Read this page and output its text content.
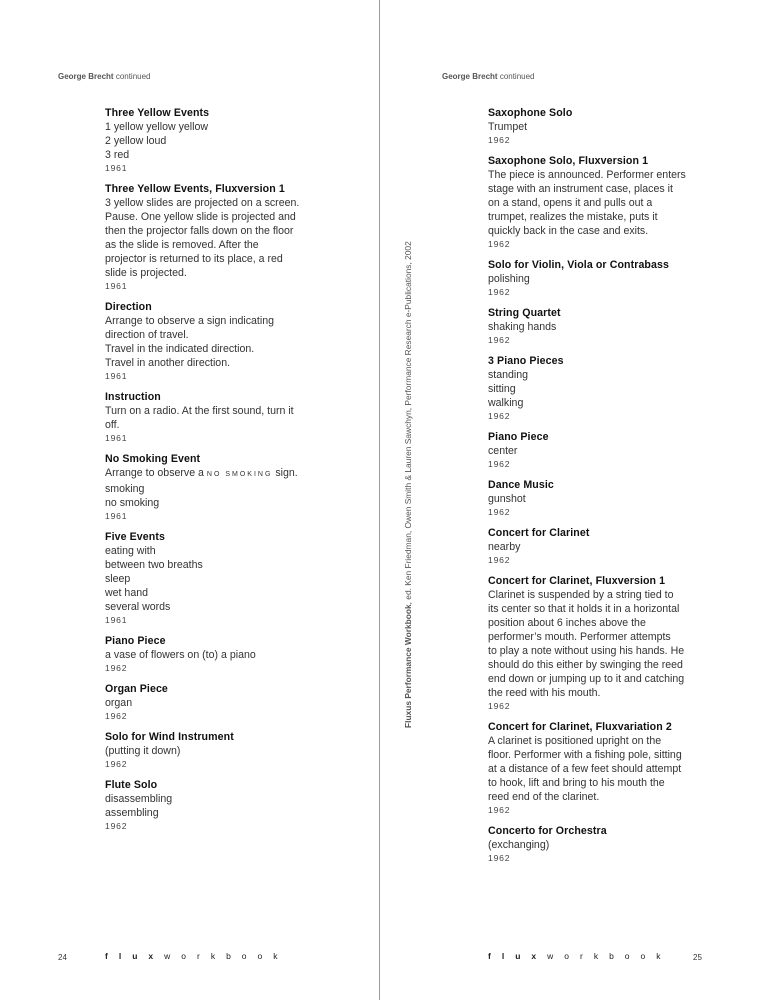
George Brecht continued	George Brecht continued
Three Yellow Events
1 yellow yellow yellow
2 yellow loud
3 red
1961
Three Yellow Events, Fluxversion 1
3 yellow slides are projected on a screen.
Pause. One yellow slide is projected and
then the projector falls down on the floor
as the slide is removed. After the
projector is returned to its place, a red
slide is projected.
1961
Direction
Arrange to observe a sign indicating
direction of travel.
Travel in the indicated direction.
Travel in another direction.
1961
Instruction
Turn on a radio. At the first sound, turn it
off.
1961
No Smoking Event
Arrange to observe a NO SMOKING sign.
smoking
no smoking
1961
Five Events
eating with
between two breaths
sleep
wet hand
several words
1961
Piano Piece
a vase of flowers on (to) a piano
1962
Organ Piece
organ
1962
Solo for Wind Instrument
(putting it down)
1962
Flute Solo
disassembling
assembling
1962
Fluxus Performance Workbook, ed. Ken Friedman, Owen Smith & Lauren Sawchyn, Performance Research e-Publications, 2002
Saxophone Solo
Trumpet
1962
Saxophone Solo, Fluxversion 1
The piece is announced. Performer enters
stage with an instrument case, places it
on a stand, opens it and pulls out a
trumpet, realizes the mistake, puts it
quickly back in the case and exits.
1962
Solo for Violin, Viola or Contrabass
polishing
1962
String Quartet
shaking hands
1962
3 Piano Pieces
standing
sitting
walking
1962
Piano Piece
center
1962
Dance Music
gunshot
1962
Concert for Clarinet
nearby
1962
Concert for Clarinet, Fluxversion 1
Clarinet is suspended by a string tied to
its center so that it holds it in a horizontal
position about 6 inches above the
performer’s mouth. Performer attempts
to play a note without using his hands. He
should do this either by swinging the reed
end down or jumping up to it and catching
the reed with his mouth.
1962
Concert for Clarinet, Fluxvariation 2
A clarinet is positioned upright on the
floor. Performer with a fishing pole, sitting
at a distance of a few feet should attempt
to hook, lift and bring to his mouth the
reed end of the clarinet.
1962
Concerto for Orchestra
(exchanging)
1962
24	fluxworkbook	fluxworkbook	25
